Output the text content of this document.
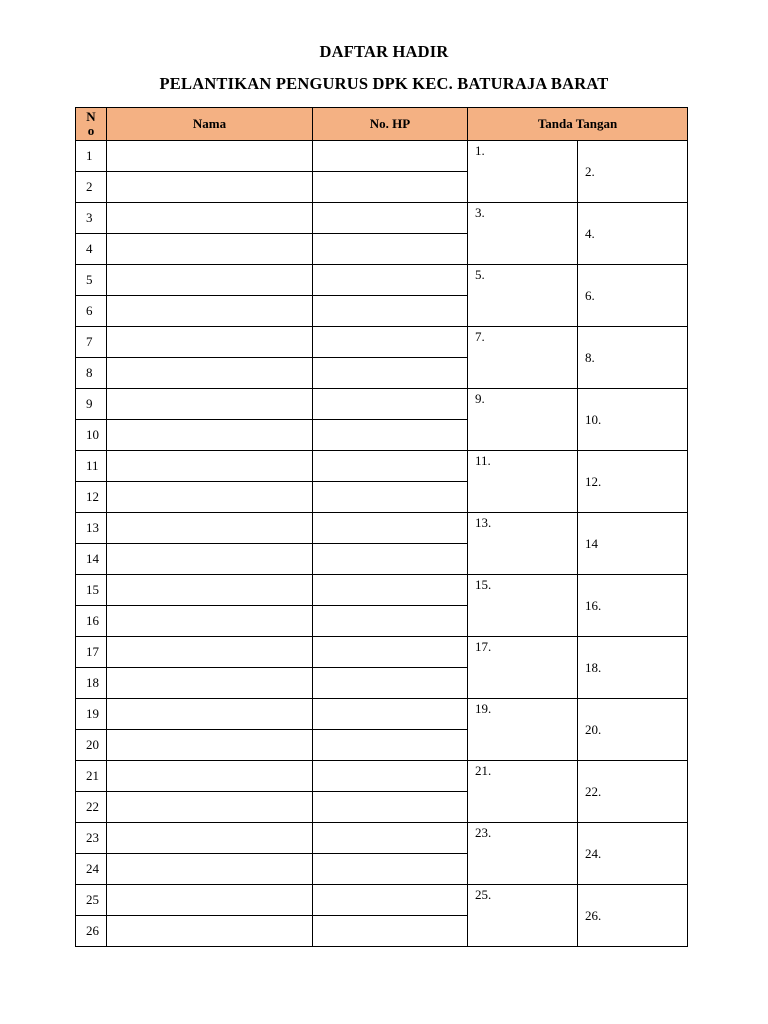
DAFTAR HADIR
PELANTIKAN PENGURUS DPK KEC. BATURAJA BARAT
N
o	Nama	No. HP	Tanda Tangan	
1			1.	2.
2				
3			3.	4.
4				
5			5.	6.
6				
7			7.	8.
8				
9			9.	10.
10				
11			11.	12.
12				
13			13.	14
14				
15			15.	16.
16				
17			17.	18.
18				
19			19.	20.
20				
21			21.	22.
22				
23			23.	24.
24				
25			25.	26.
26				
